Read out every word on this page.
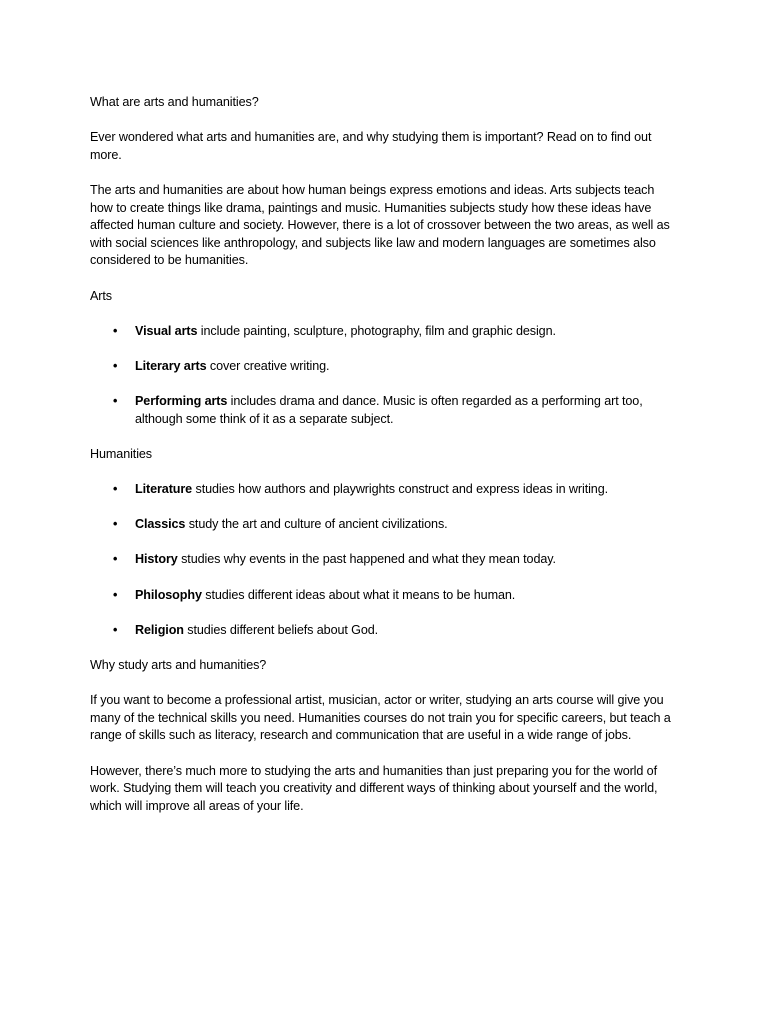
What are arts and humanities?

Ever wondered what arts and humanities are, and why studying them is important? Read on to find out more.

The arts and humanities are about how human beings express emotions and ideas. Arts subjects teach how to create things like drama, paintings and music. Humanities subjects study how these ideas have affected human culture and society. However, there is a lot of crossover between the two areas, as well as with social sciences like anthropology, and subjects like law and modern languages are sometimes also considered to be humanities.

Arts

• Visual arts include painting, sculpture, photography, film and graphic design.
• Literary arts cover creative writing.
• Performing arts includes drama and dance. Music is often regarded as a performing art too, although some think of it as a separate subject.

Humanities

• Literature studies how authors and playwrights construct and express ideas in writing.
• Classics study the art and culture of ancient civilizations.
• History studies why events in the past happened and what they mean today.
• Philosophy studies different ideas about what it means to be human.
• Religion studies different beliefs about God.

Why study arts and humanities?

If you want to become a professional artist, musician, actor or writer, studying an arts course will give you many of the technical skills you need. Humanities courses do not train you for specific careers, but teach a range of skills such as literacy, research and communication that are useful in a wide range of jobs.

However, there’s much more to studying the arts and humanities than just preparing you for the world of work. Studying them will teach you creativity and different ways of thinking about yourself and the world, which will improve all areas of your life.
